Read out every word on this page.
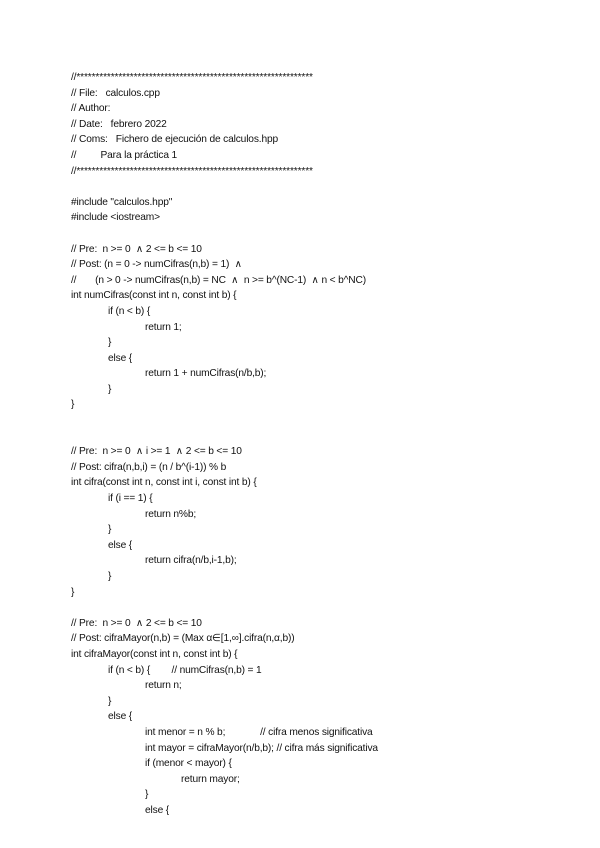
//**************************************************************
// File:   calculos.cpp
// Author:
// Date:   febrero 2022
// Coms:   Fichero de ejecución de calculos.hpp
//         Para la práctica 1
//**************************************************************
#include "calculos.hpp"
#include <iostream>
// Pre:  n >= 0  ∧ 2 <= b <= 10
// Post: (n = 0 -> numCifras(n,b) = 1)  ∧
//       (n > 0 -> numCifras(n,b) = NC  ∧  n >= b^(NC-1)  ∧ n < b^NC)
int numCifras(const int n, const int b) {
if (n < b) {
return 1;
}
else {
return 1 + numCifras(n/b,b);
}
}
// Pre:  n >= 0  ∧ i >= 1  ∧ 2 <= b <= 10
// Post: cifra(n,b,i) = (n / b^(i-1)) % b
int cifra(const int n, const int i, const int b) {
if (i == 1) {
return n%b;
}
else {
return cifra(n/b,i-1,b);
}
}
// Pre:  n >= 0  ∧ 2 <= b <= 10
// Post: cifraMayor(n,b) = (Max α∈[1,∞].cifra(n,α,b))
int cifraMayor(const int n, const int b) {
if (n < b) {        // numCifras(n,b) = 1
return n;
}
else {
int menor = n % b;             // cifra menos significativa
int mayor = cifraMayor(n/b,b); // cifra más significativa
if (menor < mayor) {
return mayor;
}
else {
